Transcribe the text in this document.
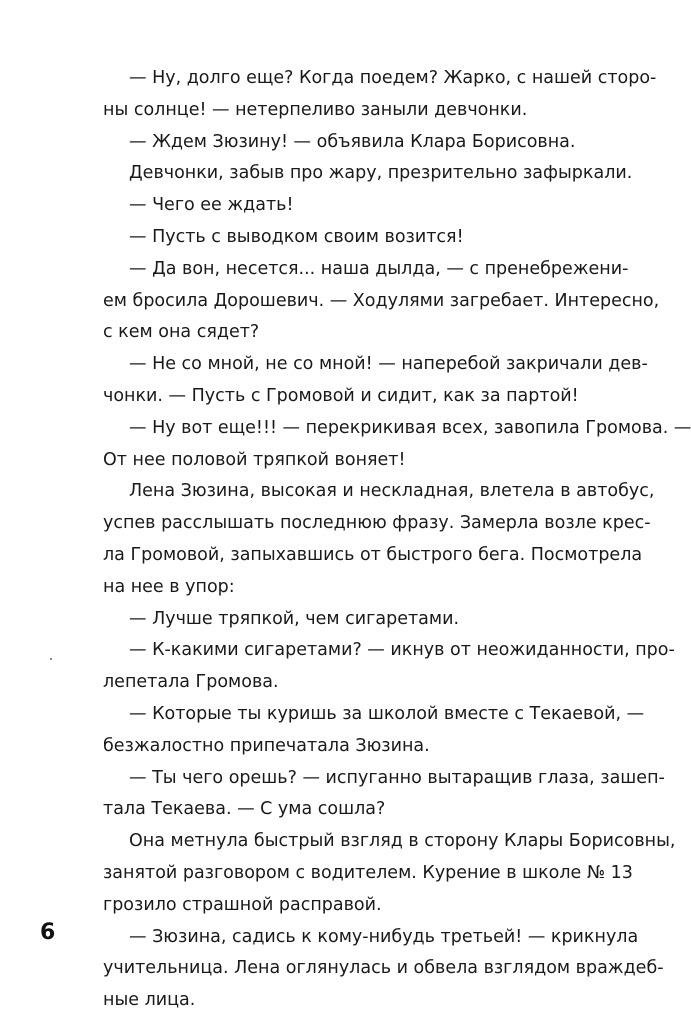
— Ну, долго еще? Когда поедем? Жарко, с нашей сторо-
ны солнце! — нетерпеливо заныли девчонки.
— Ждем Зюзину! — объявила Клара Борисовна.
Девчонки, забыв про жару, презрительно зафыркали.
— Чего ее ждать!
— Пусть с выводком своим возится!
— Да вон, несется... наша дылда, — с пренебрежени-
ем бросила Дорошевич. — Ходулями загребает. Интересно,
с кем она сядет?
— Не со мной, не со мной! — наперебой закричали дев-
чонки. — Пусть с Громовой и сидит, как за партой!
— Ну вот еще!!! — перекрикивая всех, завопила Громова. —
От нее половой тряпкой воняет!
Лена Зюзина, высокая и нескладная, влетела в автобус,
успев расслышать последнюю фразу. Замерла возле крес-
ла Громовой, запыхавшись от быстрого бега. Посмотрела
на нее в упор:
— Лучше тряпкой, чем сигаретами.
— К-какими сигаретами? — икнув от неожиданности, про-
лепетала Громова.
— Которые ты куришь за школой вместе с Текаевой, —
безжалостно припечатала Зюзина.
— Ты чего орешь? — испуганно вытаращив глаза, зашеп-
тала Текаева. — С ума сошла?
Она метнула быстрый взгляд в сторону Клары Борисовны,
занятой разговором с водителем. Курение в школе № 13
грозило страшной расправой.
— Зюзина, садись к кому-нибудь третьей! — крикнула
учительница. Лена оглянулась и обвела взглядом враждеб-
ные лица.
6
